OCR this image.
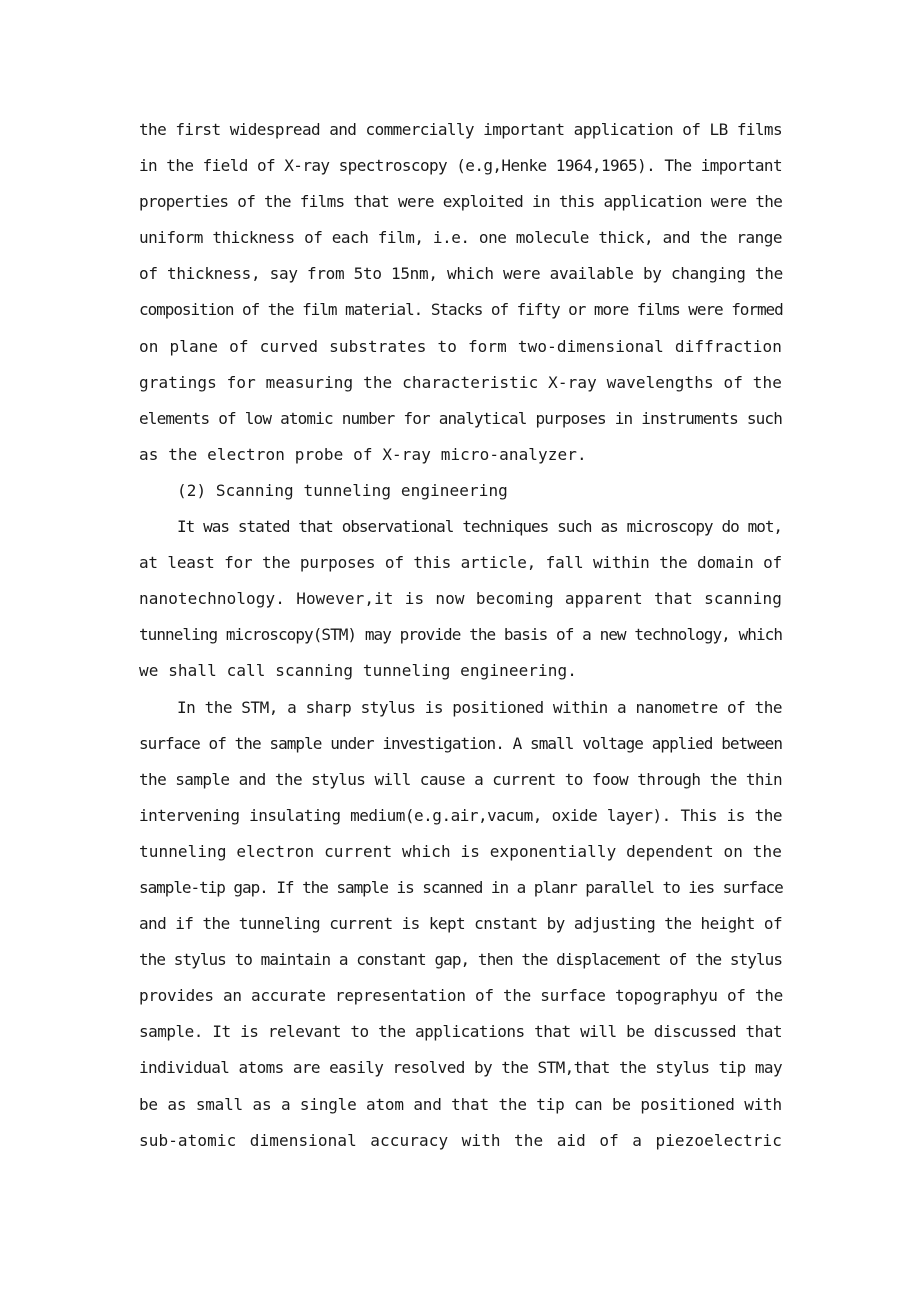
the first widespread and commercially important application of LB films
in the field of X-ray spectroscopy (e.g,Henke 1964,1965). The important
properties of the films that were exploited in this application were the
uniform thickness of each film, i.e. one molecule thick, and the range
of thickness, say from 5to 15nm, which were available by changing the
composition of the film material. Stacks of fifty or more films were formed
on plane of curved substrates to form two-dimensional diffraction
gratings for measuring the characteristic X-ray wavelengths of the
elements of low atomic number for analytical purposes in instruments such
as the electron probe of X-ray micro-analyzer.
(2) Scanning tunneling engineering
It was stated that observational techniques such as microscopy do mot,
at least for the purposes of this article, fall within the domain of
nanotechnology. However,it is now becoming apparent that scanning
tunneling microscopy(STM) may provide the basis of a new technology, which
we shall call scanning tunneling engineering.
In the STM, a sharp stylus is positioned within a nanometre of the
surface of the sample under investigation. A small voltage applied between
the sample and the stylus will cause a current to foow through the thin
intervening insulating medium(e.g.air,vacum, oxide layer). This is the
tunneling electron current which is exponentially dependent on the
sample-tip gap. If the sample is scanned in a planr parallel to ies surface
and if the tunneling current is kept cnstant by adjusting the height of
the stylus to maintain a constant gap, then the displacement of the stylus
provides an accurate representation of the surface topographyu of the
sample. It is relevant to the applications that will be discussed that
individual atoms are easily resolved by the STM,that the stylus tip may
be as small as a single atom and that the tip can be positioned with
sub-atomic dimensional accuracy with the aid of a piezoelectric
